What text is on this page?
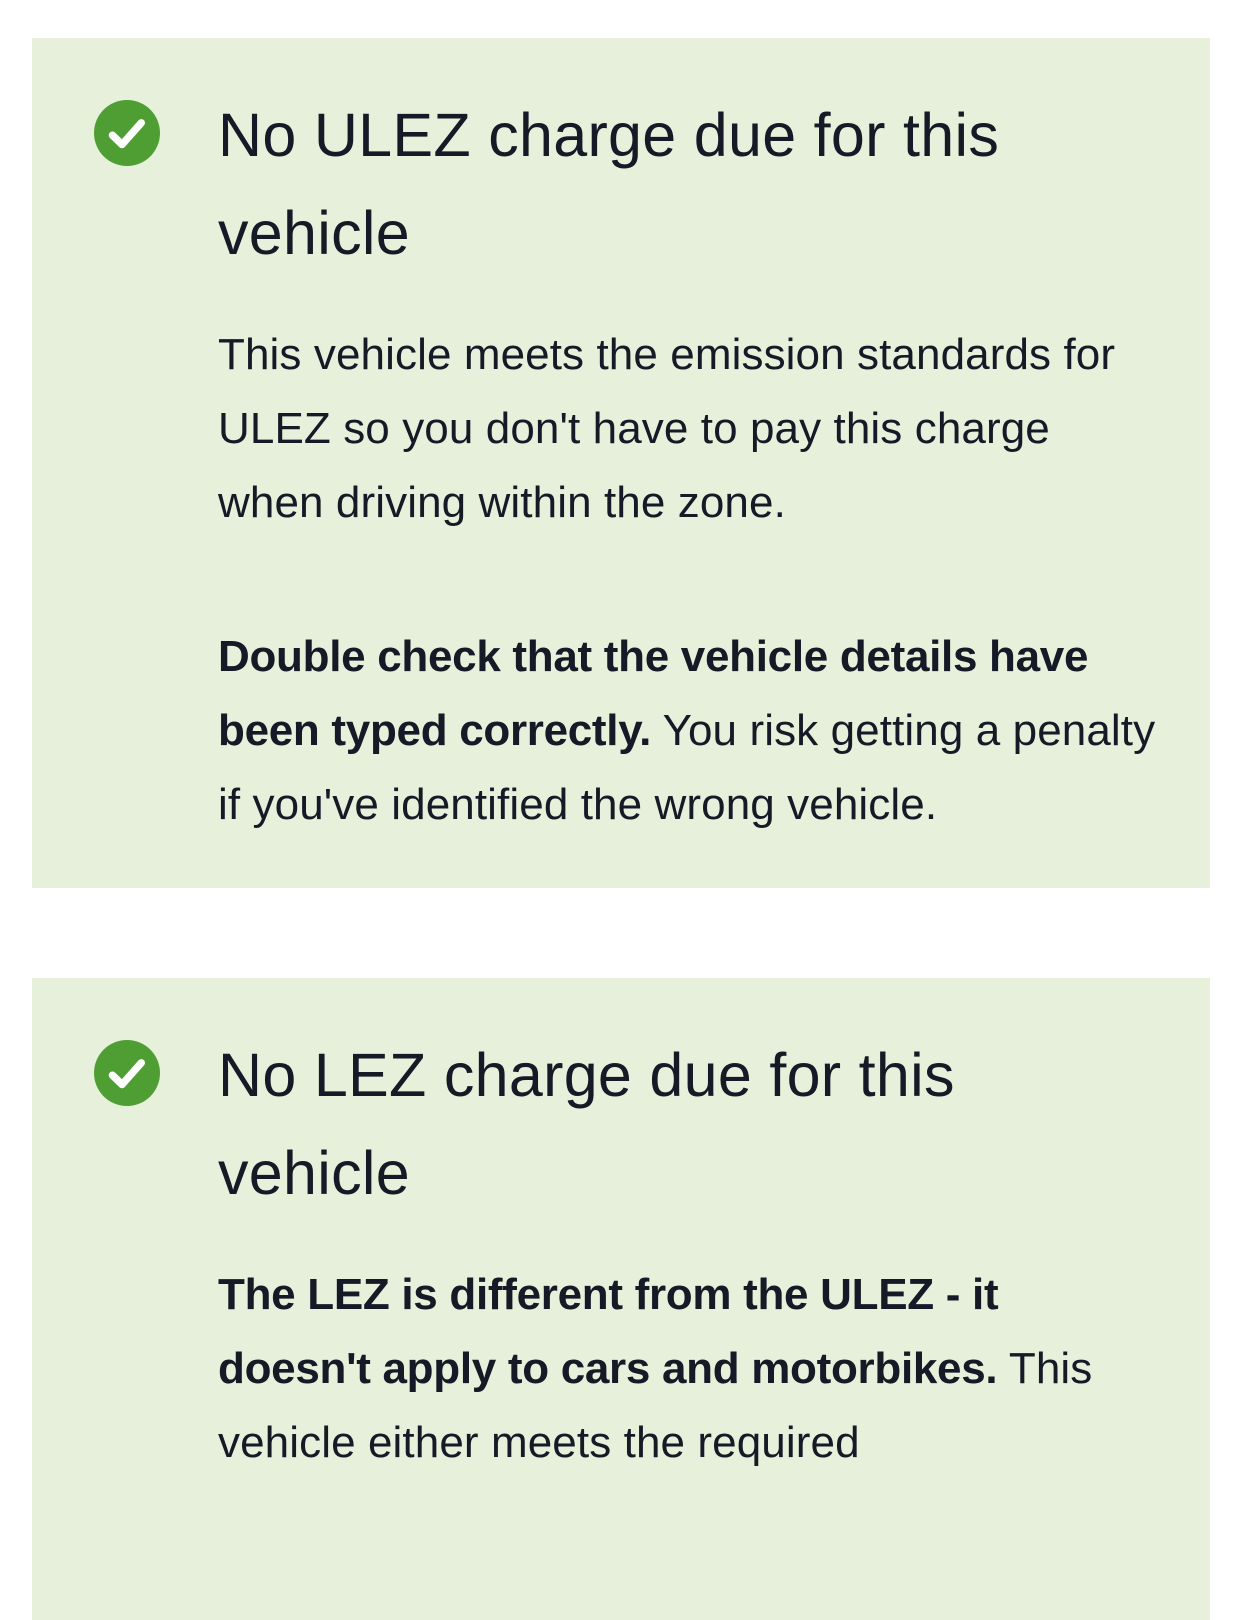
No ULEZ charge due for this vehicle

This vehicle meets the emission standards for ULEZ so you don't have to pay this charge when driving within the zone.

Double check that the vehicle details have been typed correctly. You risk getting a penalty if you've identified the wrong vehicle.

No LEZ charge due for this vehicle

The LEZ is different from the ULEZ - it doesn't apply to cars and motorbikes. This vehicle either meets the required
